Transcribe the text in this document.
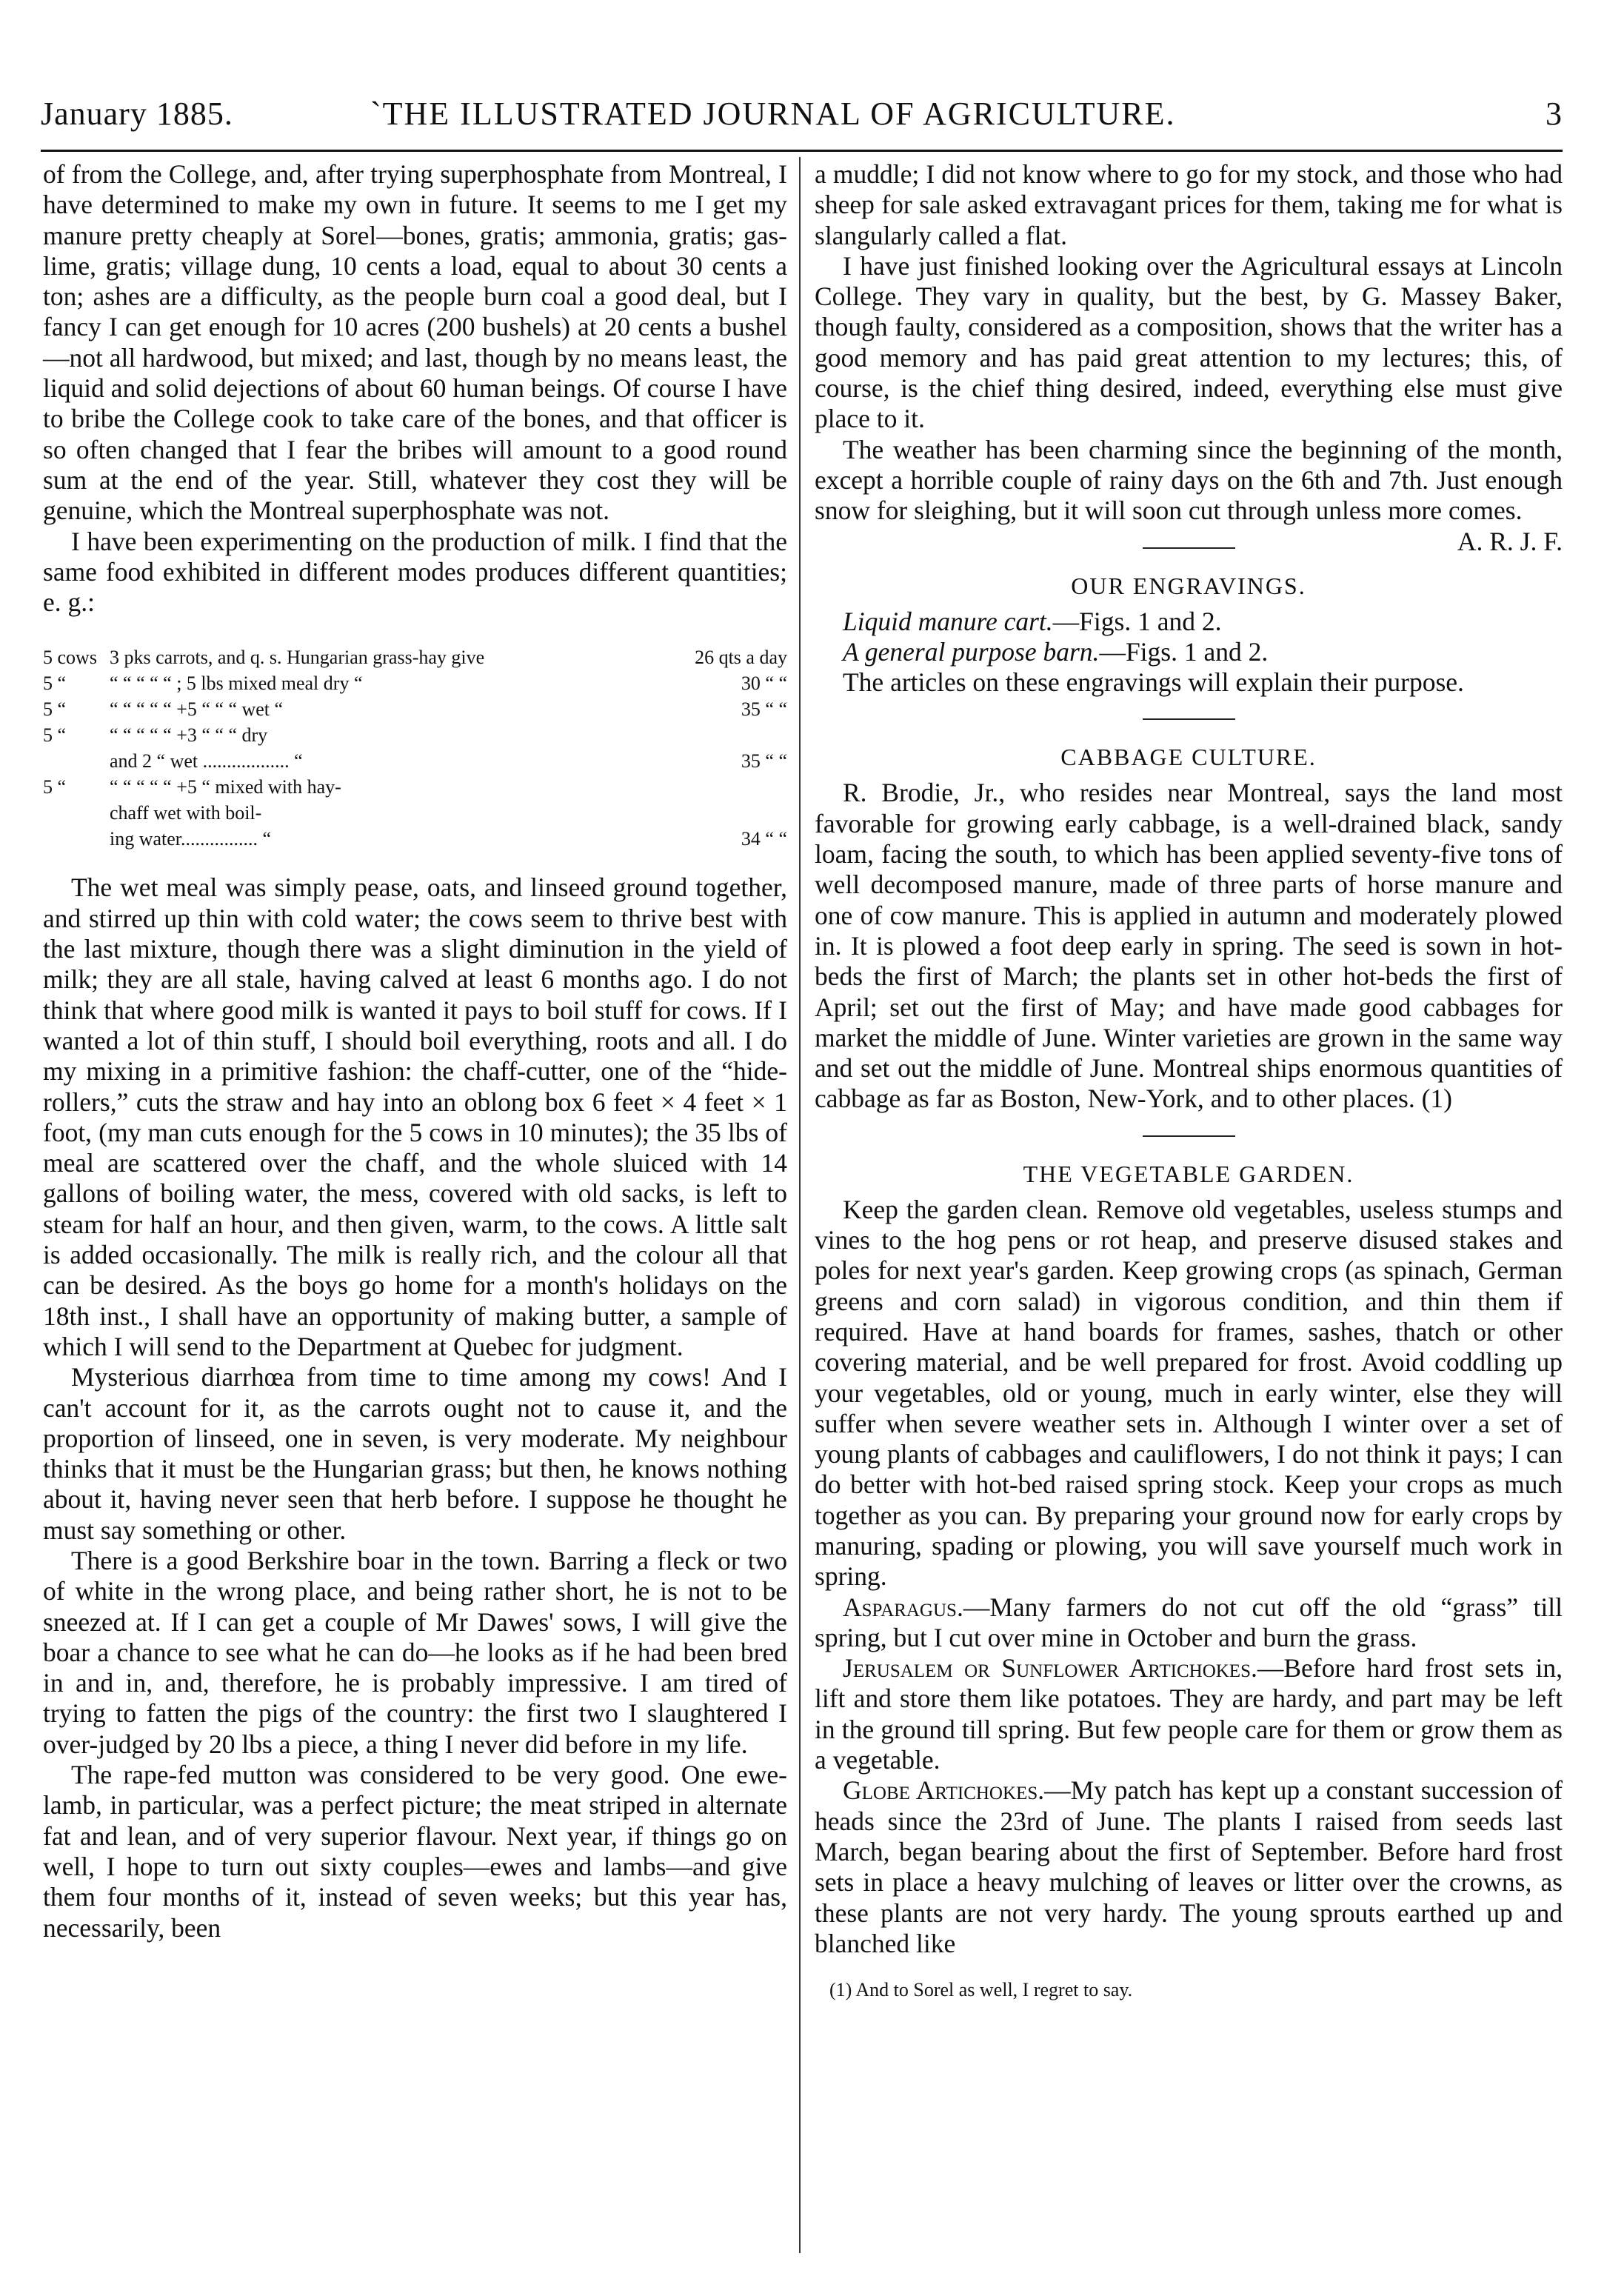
January 1885.	`THE ILLUSTRATED JOURNAL OF AGRICULTURE.	3

of from the College, and, after trying superphosphate from Montreal, I have determined to make my own in future. It seems to me I get my manure pretty cheaply at Sorel—bones, gratis; ammonia, gratis; gas-lime, gratis; village dung, 10 cents a load, equal to about 30 cents a ton; ashes are a difficulty, as the people burn coal a good deal, but I fancy I can get enough for 10 acres (200 bushels) at 20 cents a bushel—not all hardwood, but mixed; and last, though by no means least, the liquid and solid dejections of about 60 human beings. Of course I have to bribe the College cook to take care of the bones, and that officer is so often changed that I fear the bribes will amount to a good round sum at the end of the year. Still, whatever they cost they will be genuine, which the Montreal superphosphate was not.

I have been experimenting on the production of milk. I find that the same food exhibited in different modes produces different quantities; e. g.:

5 cows	3 pks carrots, and q. s. Hungarian grass-hay give	26 qts a day
5 “	“ “ “ “ “ ; 5 lbs mixed meal dry “	30 “ “
5 “	“ “ “ “ “ +5 “ “ “ wet “	35 “ “
5 “	“ “ “ “ “ +3 “ “ “ dry	
	and 2 “ wet .................. “	35 “ “
5 “	“ “ “ “ “ +5 “ mixed with hay-	
	chaff wet with boil-	
	ing water................ “	34 “ “

The wet meal was simply pease, oats, and linseed ground together, and stirred up thin with cold water; the cows seem to thrive best with the last mixture, though there was a slight diminution in the yield of milk; they are all stale, having calved at least 6 months ago. I do not think that where good milk is wanted it pays to boil stuff for cows. If I wanted a lot of thin stuff, I should boil everything, roots and all. I do my mixing in a primitive fashion: the chaff-cutter, one of the “hide-rollers,” cuts the straw and hay into an oblong box 6 feet × 4 feet × 1 foot, (my man cuts enough for the 5 cows in 10 minutes); the 35 lbs of meal are scattered over the chaff, and the whole sluiced with 14 gallons of boiling water, the mess, covered with old sacks, is left to steam for half an hour, and then given, warm, to the cows. A little salt is added occasionally. The milk is really rich, and the colour all that can be desired. As the boys go home for a month's holidays on the 18th inst., I shall have an opportunity of making butter, a sample of which I will send to the Department at Quebec for judgment.

Mysterious diarrhœa from time to time among my cows! And I can't account for it, as the carrots ought not to cause it, and the proportion of linseed, one in seven, is very moderate. My neighbour thinks that it must be the Hungarian grass; but then, he knows nothing about it, having never seen that herb before. I suppose he thought he must say something or other.

There is a good Berkshire boar in the town. Barring a fleck or two of white in the wrong place, and being rather short, he is not to be sneezed at. If I can get a couple of Mr Dawes' sows, I will give the boar a chance to see what he can do—he looks as if he had been bred in and in, and, therefore, he is probably impressive. I am tired of trying to fatten the pigs of the country: the first two I slaughtered I over-judged by 20 lbs a piece, a thing I never did before in my life.

The rape-fed mutton was considered to be very good. One ewe-lamb, in particular, was a perfect picture; the meat striped in alternate fat and lean, and of very superior flavour. Next year, if things go on well, I hope to turn out sixty couples—ewes and lambs—and give them four months of it, instead of seven weeks; but this year has, necessarily, been

a muddle; I did not know where to go for my stock, and those who had sheep for sale asked extravagant prices for them, taking me for what is slangularly called a flat.

I have just finished looking over the Agricultural essays at Lincoln College. They vary in quality, but the best, by G. Massey Baker, though faulty, considered as a composition, shows that the writer has a good memory and has paid great attention to my lectures; this, of course, is the chief thing desired, indeed, everything else must give place to it.

The weather has been charming since the beginning of the month, except a horrible couple of rainy days on the 6th and 7th. Just enough snow for sleighing, but it will soon cut through unless more comes.
A. R. J. F.

OUR ENGRAVINGS.

Liquid manure cart.—Figs. 1 and 2.

A general purpose barn.—Figs. 1 and 2.

The articles on these engravings will explain their purpose.

CABBAGE CULTURE.

R. Brodie, Jr., who resides near Montreal, says the land most favorable for growing early cabbage, is a well-drained black, sandy loam, facing the south, to which has been applied seventy-five tons of well decomposed manure, made of three parts of horse manure and one of cow manure. This is applied in autumn and moderately plowed in. It is plowed a foot deep early in spring. The seed is sown in hot-beds the first of March; the plants set in other hot-beds the first of April; set out the first of May; and have made good cabbages for market the middle of June. Winter varieties are grown in the same way and set out the middle of June. Montreal ships enormous quantities of cabbage as far as Boston, New-York, and to other places. (1)

THE VEGETABLE GARDEN.

Keep the garden clean. Remove old vegetables, useless stumps and vines to the hog pens or rot heap, and preserve disused stakes and poles for next year's garden. Keep growing crops (as spinach, German greens and corn salad) in vigorous condition, and thin them if required. Have at hand boards for frames, sashes, thatch or other covering material, and be well prepared for frost. Avoid coddling up your vegetables, old or young, much in early winter, else they will suffer when severe weather sets in. Although I winter over a set of young plants of cabbages and cauliflowers, I do not think it pays; I can do better with hot-bed raised spring stock. Keep your crops as much together as you can. By preparing your ground now for early crops by manuring, spading or plowing, you will save yourself much work in spring.

Asparagus.—Many farmers do not cut off the old “grass” till spring, but I cut over mine in October and burn the grass.

Jerusalem or Sunflower Artichokes.—Before hard frost sets in, lift and store them like potatoes. They are hardy, and part may be left in the ground till spring. But few people care for them or grow them as a vegetable.

Globe Artichokes.—My patch has kept up a constant succession of heads since the 23rd of June. The plants I raised from seeds last March, began bearing about the first of September. Before hard frost sets in place a heavy mulching of leaves or litter over the crowns, as these plants are not very hardy. The young sprouts earthed up and blanched like

(1) And to Sorel as well, I regret to say.
